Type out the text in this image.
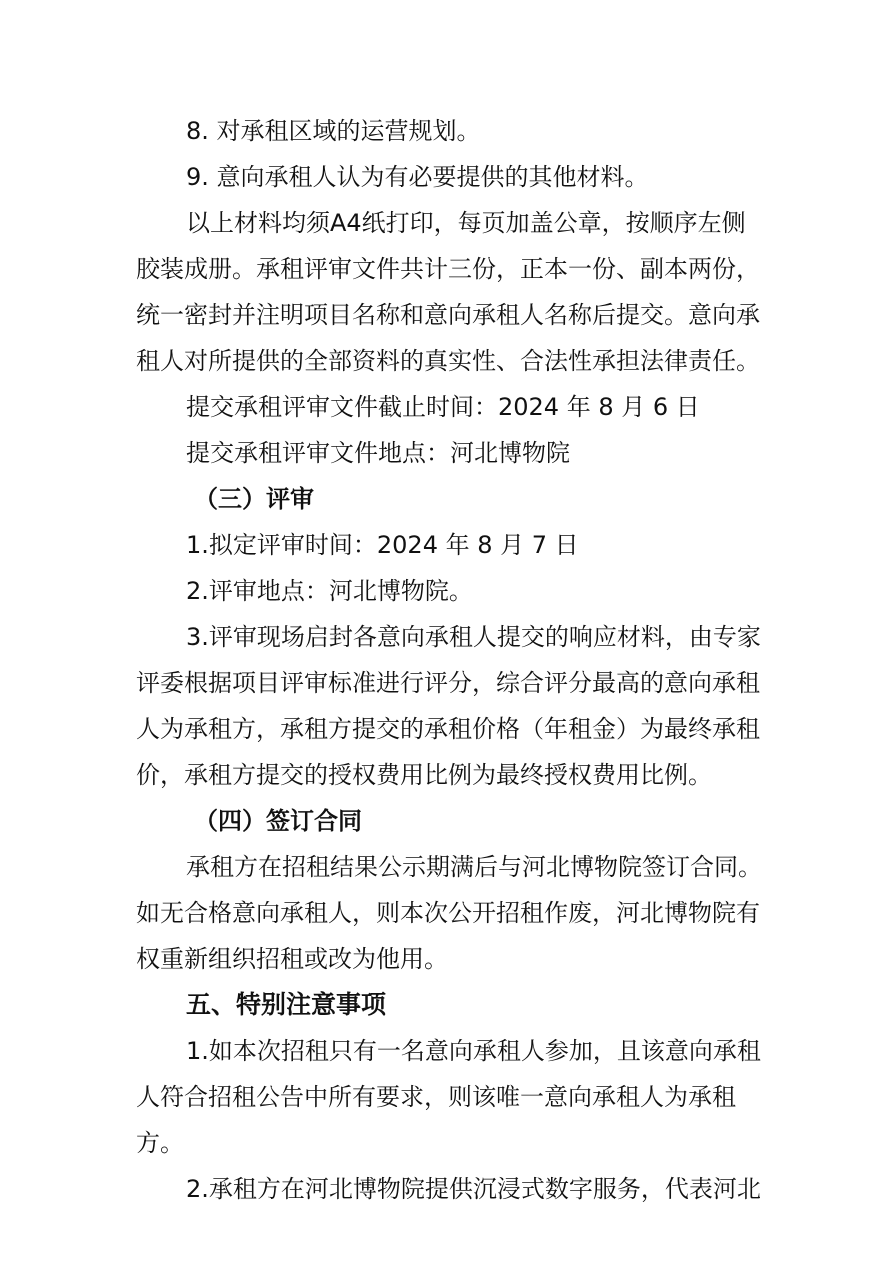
8. 对承租区域的运营规划。
9. 意向承租人认为有必要提供的其他材料。
以上材料均须A4纸打印，每页加盖公章，按顺序左侧
胶装成册。承租评审文件共计三份，正本一份、副本两份，
统一密封并注明项目名称和意向承租人名称后提交。意向承
租人对所提供的全部资料的真实性、合法性承担法律责任。
提交承租评审文件截止时间：2024 年 8 月 6 日
提交承租评审文件地点：河北博物院
（三）评审
1.拟定评审时间：2024 年 8 月 7 日
2.评审地点：河北博物院。
3.评审现场启封各意向承租人提交的响应材料，由专家
评委根据项目评审标准进行评分，综合评分最高的意向承租
人为承租方，承租方提交的承租价格（年租金）为最终承租
价，承租方提交的授权费用比例为最终授权费用比例。
（四）签订合同
承租方在招租结果公示期满后与河北博物院签订合同。
如无合格意向承租人，则本次公开招租作废，河北博物院有
权重新组织招租或改为他用。
五、特别注意事项
1.如本次招租只有一名意向承租人参加，且该意向承租
人符合招租公告中所有要求，则该唯一意向承租人为承租
方。
2.承租方在河北博物院提供沉浸式数字服务，代表河北
